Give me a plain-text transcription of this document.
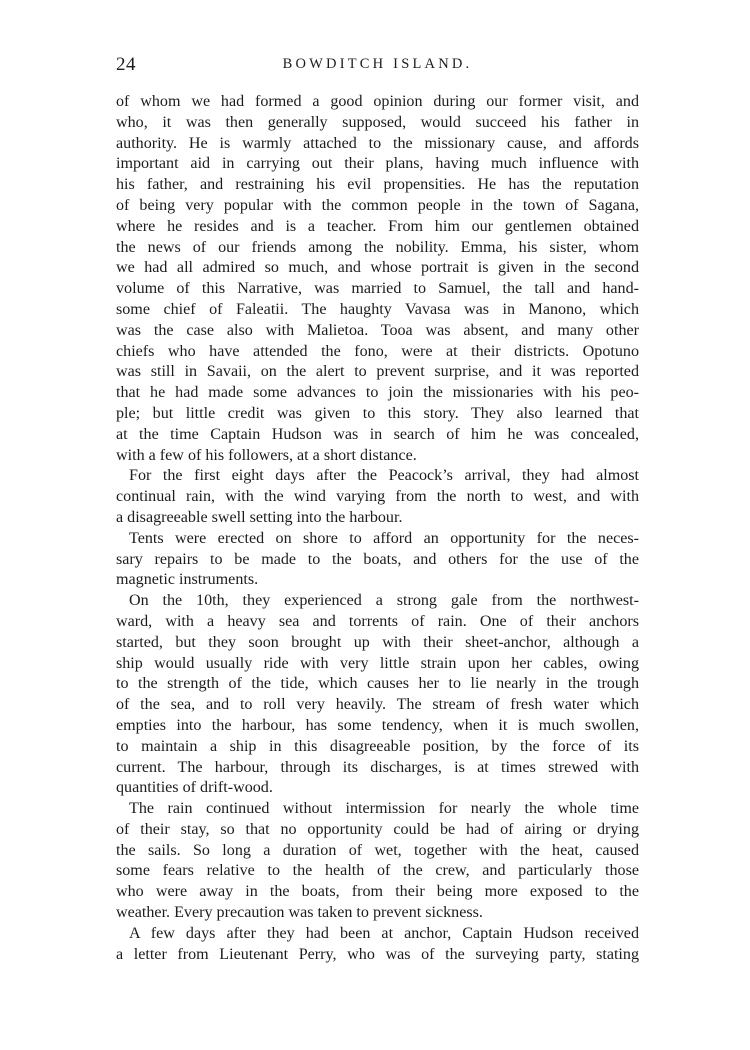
24	BOWDITCH ISLAND.
of whom we had formed a good opinion during our former visit, and
who, it was then generally supposed, would succeed his father in
authority. He is warmly attached to the missionary cause, and affords
important aid in carrying out their plans, having much influence with
his father, and restraining his evil propensities. He has the reputation
of being very popular with the common people in the town of Sagana,
where he resides and is a teacher. From him our gentlemen obtained
the news of our friends among the nobility. Emma, his sister, whom
we had all admired so much, and whose portrait is given in the second
volume of this Narrative, was married to Samuel, the tall and hand-
some chief of Faleatii. The haughty Vavasa was in Manono, which
was the case also with Malietoa. Tooa was absent, and many other
chiefs who have attended the fono, were at their districts. Opotuno
was still in Savaii, on the alert to prevent surprise, and it was reported
that he had made some advances to join the missionaries with his peo-
ple; but little credit was given to this story. They also learned that
at the time Captain Hudson was in search of him he was concealed,
with a few of his followers, at a short distance.
For the first eight days after the Peacock’s arrival, they had almost
continual rain, with the wind varying from the north to west, and with
a disagreeable swell setting into the harbour.
Tents were erected on shore to afford an opportunity for the neces-
sary repairs to be made to the boats, and others for the use of the
magnetic instruments.
On the 10th, they experienced a strong gale from the northwest-
ward, with a heavy sea and torrents of rain. One of their anchors
started, but they soon brought up with their sheet-anchor, although a
ship would usually ride with very little strain upon her cables, owing
to the strength of the tide, which causes her to lie nearly in the trough
of the sea, and to roll very heavily. The stream of fresh water which
empties into the harbour, has some tendency, when it is much swollen,
to maintain a ship in this disagreeable position, by the force of its
current. The harbour, through its discharges, is at times strewed with
quantities of drift-wood.
The rain continued without intermission for nearly the whole time
of their stay, so that no opportunity could be had of airing or drying
the sails. So long a duration of wet, together with the heat, caused
some fears relative to the health of the crew, and particularly those
who were away in the boats, from their being more exposed to the
weather. Every precaution was taken to prevent sickness.
A few days after they had been at anchor, Captain Hudson received
a letter from Lieutenant Perry, who was of the surveying party, stating
